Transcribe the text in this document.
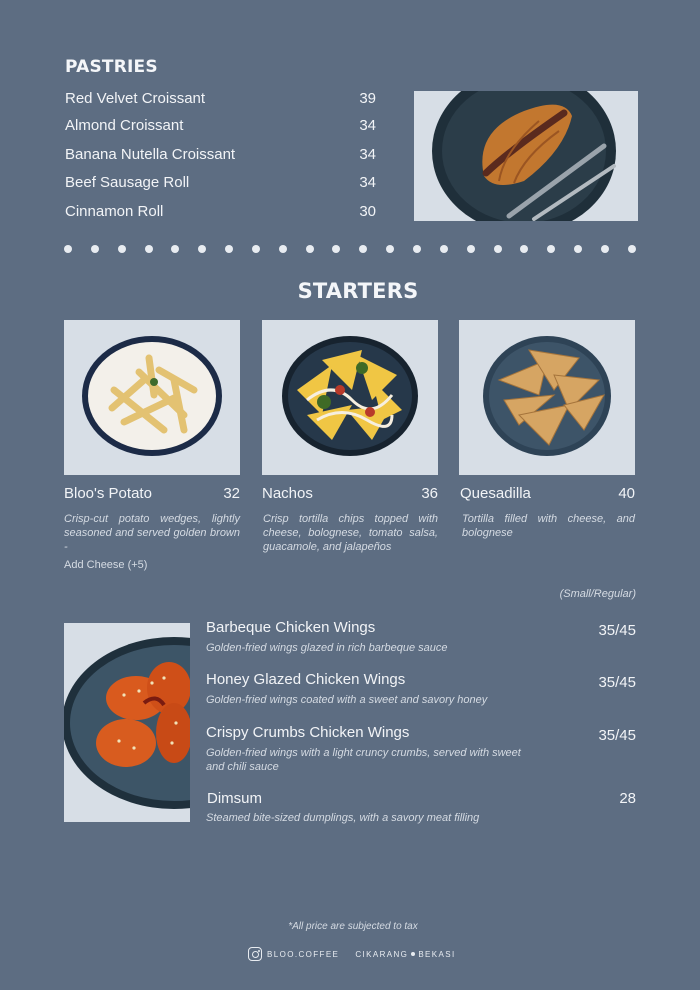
PASTRIES
Red Velvet Croissant	39
Almond Croissant	34
Banana Nutella Croissant	34
Beef Sausage Roll	34
Cinnamon Roll	30
STARTERS
Bloo's Potato	32
Crisp-cut potato wedges, lightly seasoned and served golden brown -
Add Cheese (+5)
Nachos	36
Crisp tortilla chips topped with cheese, bolognese, tomato salsa, guacamole, and jalapeños
Quesadilla	40
Tortilla filled with cheese, and bolognese
(Small/Regular)
Barbeque Chicken Wings	35/45
Golden-fried wings glazed in rich barbeque sauce
Honey Glazed Chicken Wings	35/45
Golden-fried wings coated with a sweet and savory honey
Crispy Crumbs Chicken Wings	35/45
Golden-fried wings with a light cruncy crumbs, served with sweet and chili sauce
Dimsum	28
Steamed bite-sized dumplings, with a savory meat filling
*All price are subjected to tax
BLOO.COFFEE CIKARANG BEKASI
